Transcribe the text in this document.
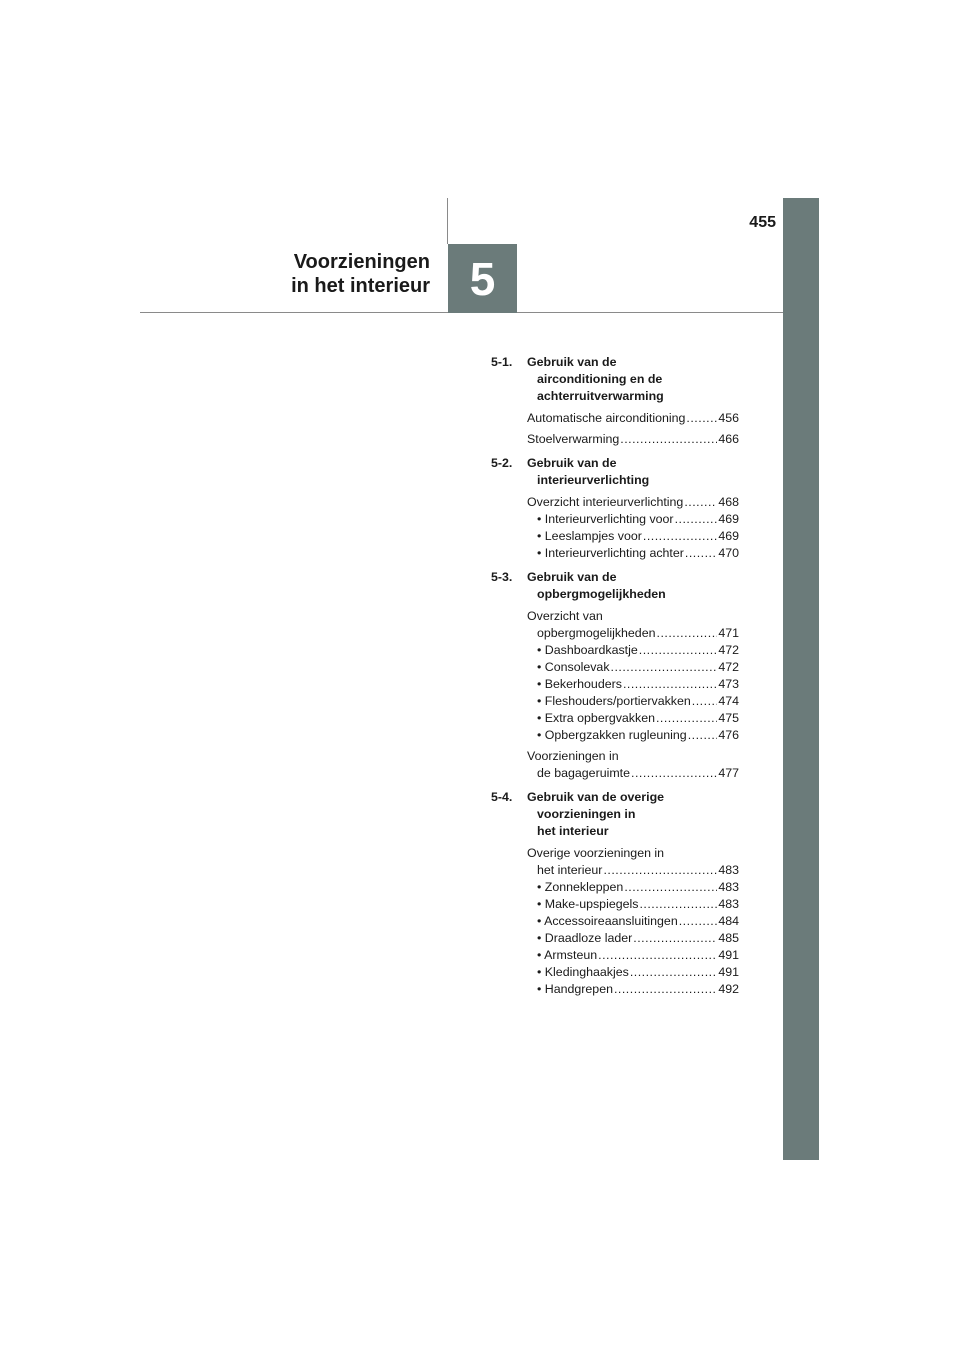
455
Voorzieningen
in het interieur 5
5-1.	Gebruik van de
airconditioning en de
achterruitverwarming
Automatische airconditioning .....	456
Stoelverwarming .....	466
5-2.	Gebruik van de
interieurverlichting
Overzicht interieurverlichting .....	468
• Interieurverlichting voor .....	469
• Leeslampjes voor .....	469
• Interieurverlichting achter .....	470
5-3.	Gebruik van de
opbergmogelijkheden
Overzicht van
opbergmogelijkheden .....	471
• Dashboardkastje .....	472
• Consolevak .....	472
• Bekerhouders .....	473
• Fleshouders/portiervakken ..... 474
• Extra opbergvakken .....	475
• Opbergzakken rugleuning .....	476
Voorzieningen in
de bagageruimte .....	477
5-4.	Gebruik van de overige
voorzieningen in
het interieur
Overige voorzieningen in
het interieur .....	483
• Zonnekleppen .....	483
• Make-upspiegels .....	483
• Accessoireaansluitingen .....	484
• Draadloze lader .....	485
• Armsteun .....	491
• Kledinghaakjes .....	491
• Handgrepen .....	492
